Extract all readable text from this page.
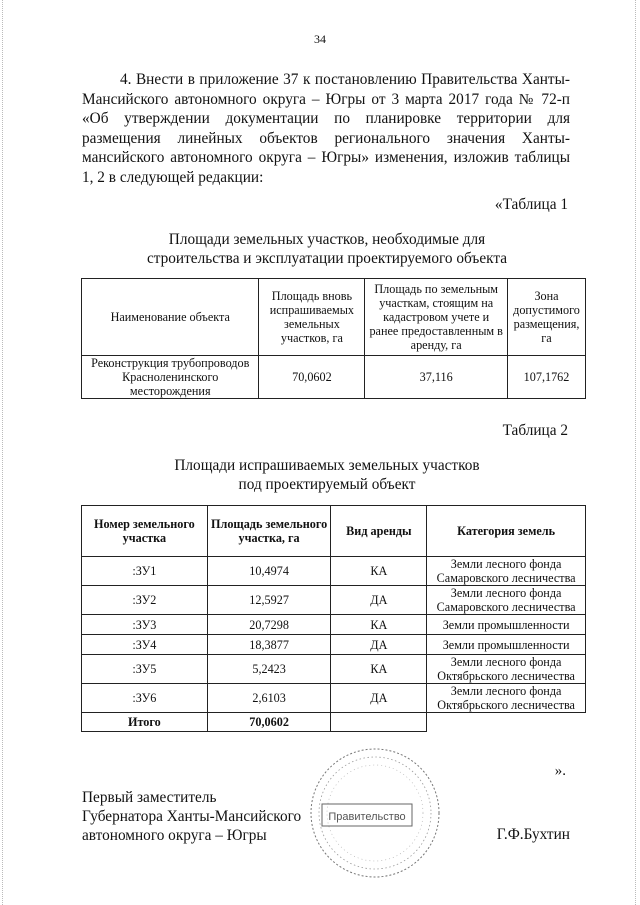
34
4. Внести в приложение 37 к постановлению Правительства Ханты-Мансийского автономного округа – Югры от 3 марта 2017 года № 72-п «Об утверждении документации по планировке территории для размещения линейных объектов регионального значения Ханты-мансийского автономного округа – Югры» изменения, изложив таблицы 1, 2 в следующей редакции:
«Таблица 1
Площади земельных участков, необходимые для
строительства и эксплуатации проектируемого объекта
Наименование объекта	Площадь вновь испрашиваемых земельных участков, га	Площадь по земельным участкам, стоящим на кадастровом учете и ранее предоставленным в аренду, га	Зона допустимого размещения, га
Реконструкция трубопроводов Красноленинского месторождения	70,0602	37,116	107,1762
Таблица 2
Площади испрашиваемых земельных участков
под проектируемый объект
Номер земельного участка	Площадь земельного участка, га	Вид аренды	Категория земель
:ЗУ1	10,4974	КА	Земли лесного фонда Самаровского лесничества
:ЗУ2	12,5927	ДА	Земли лесного фонда Самаровского лесничества
:ЗУ3	20,7298	КА	Земли промышленности
:ЗУ4	18,3877	ДА	Земли промышленности
:ЗУ5	5,2423	КА	Земли лесного фонда Октябрьского лесничества
:ЗУ6	2,6103	ДА	Земли лесного фонда Октябрьского лесничества
Итого	70,0602		
».
Первый заместитель
Губернатора Ханты-Мансийского
автономного округа – Югры
Правительство
Г.Ф.Бухтин
